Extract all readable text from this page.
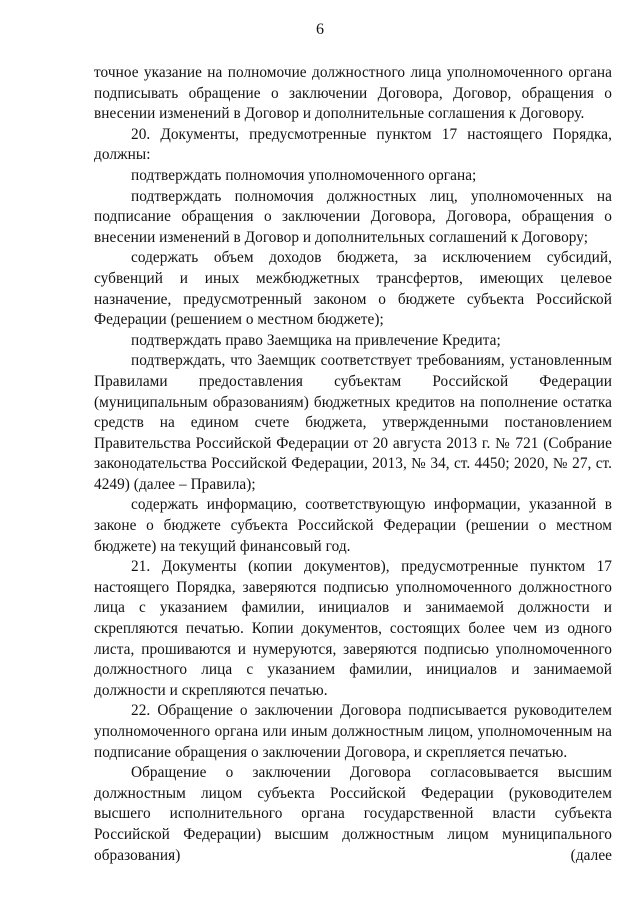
6

точное указание на полномочие должностного лица уполномоченного органа подписывать обращение о заключении Договора, Договор, обращения о внесении изменений в Договор и дополнительные соглашения к Договору.

20. Документы, предусмотренные пунктом 17 настоящего Порядка, должны:

подтверждать полномочия уполномоченного органа;

подтверждать полномочия должностных лиц, уполномоченных на подписание обращения о заключении Договора, Договора, обращения о внесении изменений в Договор и дополнительных соглашений к Договору;

содержать объем доходов бюджета, за исключением субсидий, субвенций и иных межбюджетных трансфертов, имеющих целевое назначение, предусмотренный законом о бюджете субъекта Российской Федерации (решением о местном бюджете);

подтверждать право Заемщика на привлечение Кредита;

подтверждать, что Заемщик соответствует требованиям, установленным Правилами предоставления субъектам Российской Федерации (муниципальным образованиям) бюджетных кредитов на пополнение остатка средств на едином счете бюджета, утвержденными постановлением Правительства Российской Федерации от 20 августа 2013 г. № 721 (Собрание законодательства Российской Федерации, 2013, № 34, ст. 4450; 2020, № 27, ст. 4249) (далее – Правила);

содержать информацию, соответствующую информации, указанной в законе о бюджете субъекта Российской Федерации (решении о местном бюджете) на текущий финансовый год.

21. Документы (копии документов), предусмотренные пунктом 17 настоящего Порядка, заверяются подписью уполномоченного должностного лица с указанием фамилии, инициалов и занимаемой должности и скрепляются печатью. Копии документов, состоящих более чем из одного листа, прошиваются и нумеруются, заверяются подписью уполномоченного должностного лица с указанием фамилии, инициалов и занимаемой должности и скрепляются печатью.

22. Обращение о заключении Договора подписывается руководителем уполномоченного органа или иным должностным лицом, уполномоченным на подписание обращения о заключении Договора, и скрепляется печатью.

Обращение о заключении Договора согласовывается высшим должностным лицом субъекта Российской Федерации (руководителем высшего исполнительного органа государственной власти субъекта Российской Федерации) высшим должностным лицом муниципального образования) (далее
